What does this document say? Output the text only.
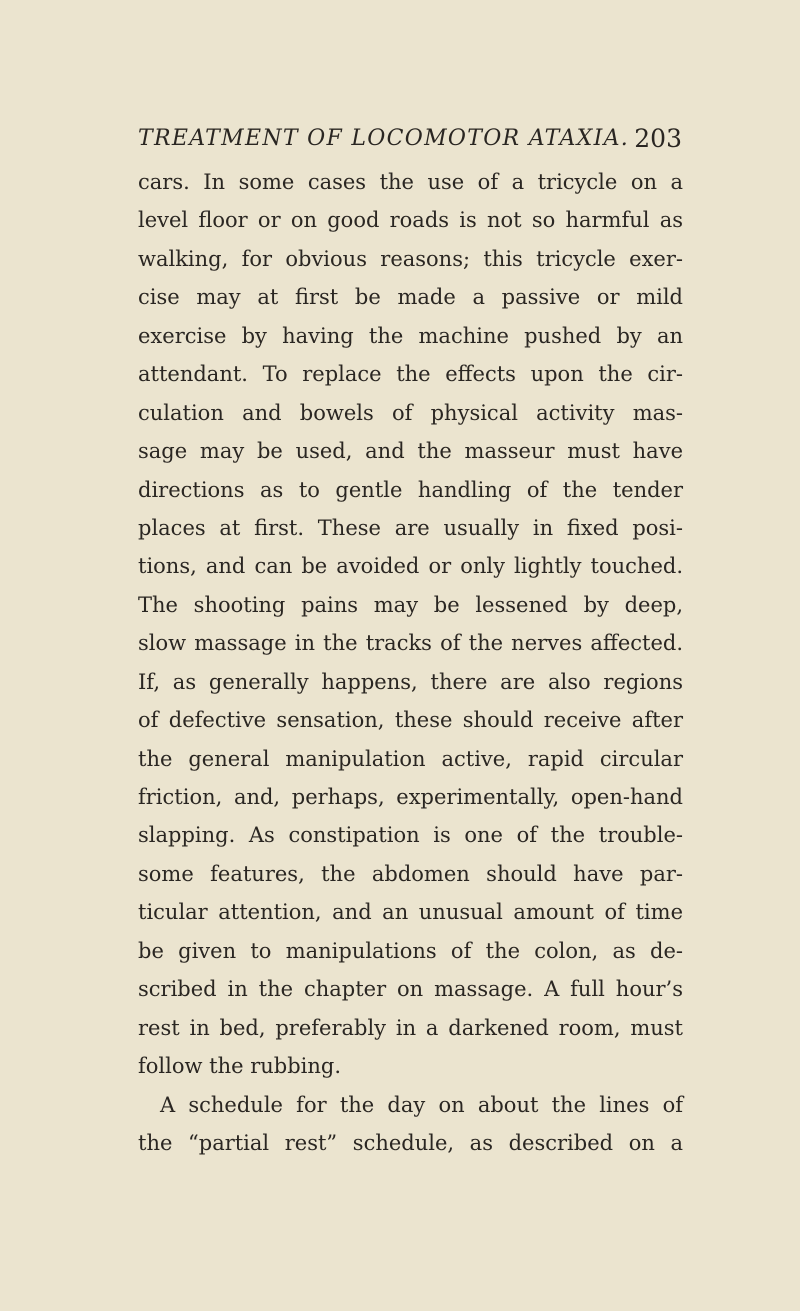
TREATMENT OF LOCOMOTOR ATAXIA. 203
cars. In some cases the use of a tricycle on a
level floor or on good roads is not so harmful as
walking, for obvious reasons; this tricycle exer-
cise may at first be made a passive or mild
exercise by having the machine pushed by an
attendant. To replace the effects upon the cir-
culation and bowels of physical activity mas-
sage may be used, and the masseur must have
directions as to gentle handling of the tender
places at first. These are usually in fixed posi-
tions, and can be avoided or only lightly touched.
The shooting pains may be lessened by deep,
slow massage in the tracks of the nerves affected.
If, as generally happens, there are also regions
of defective sensation, these should receive after
the general manipulation active, rapid circular
friction, and, perhaps, experimentally, open-hand
slapping. As constipation is one of the trouble-
some features, the abdomen should have par-
ticular attention, and an unusual amount of time
be given to manipulations of the colon, as de-
scribed in the chapter on massage. A full hour’s
rest in bed, preferably in a darkened room, must
follow the rubbing.
A schedule for the day on about the lines of
the “partial rest” schedule, as described on a
